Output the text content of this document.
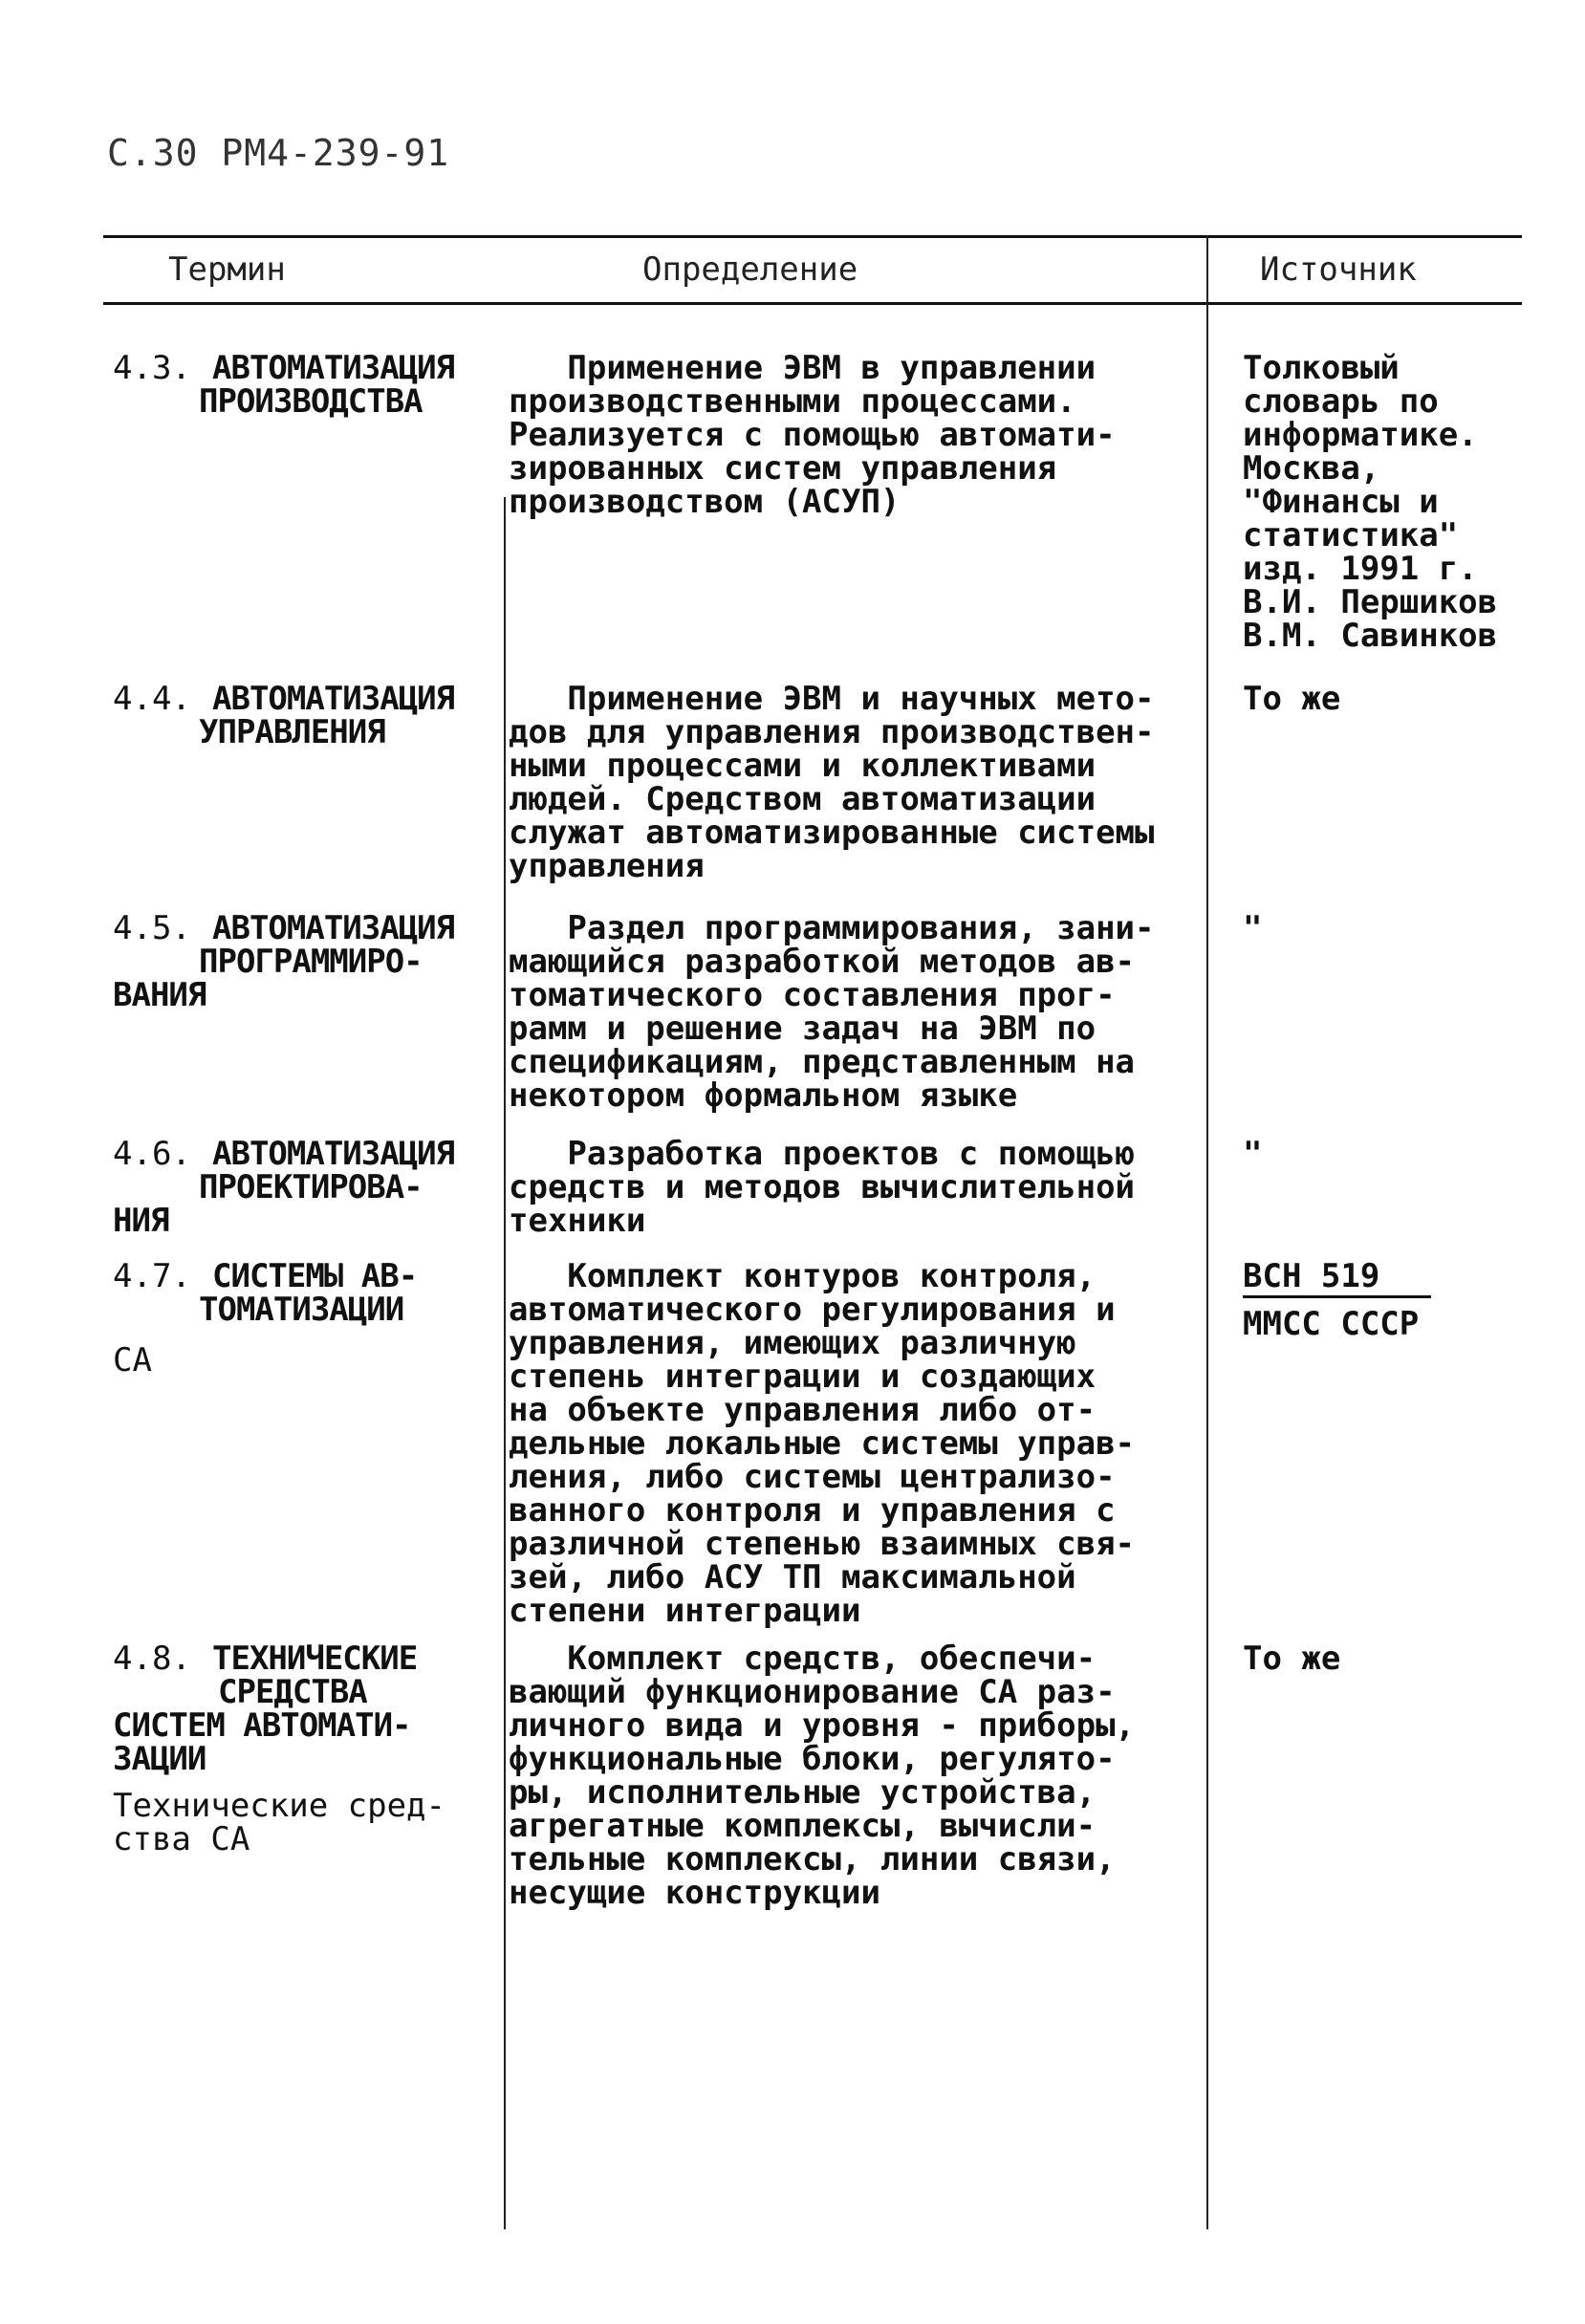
С.30 РМ4-239-91
Термин	Определение	Источник
4.3. АВТОМАТИЗАЦИЯ
ПРОИЗВОДСТВА
Применение ЭВМ в управлении
производственными процессами.
Реализуется с помощью автомати-
зированных систем управления
производством (АСУП)
Толковый
словарь по
информатике.
Москва,
"Финансы и
статистика"
изд. 1991 г.
В.И. Першиков
В.М. Савинков
4.4. АВТОМАТИЗАЦИЯ
УПРАВЛЕНИЯ
Применение ЭВМ и научных мето-
дов для управления производствен-
ными процессами и коллективами
людей. Средством автоматизации
служат автоматизированные системы
управления
То же
4.5. АВТОМАТИЗАЦИЯ
ПРОГРАММИРО-
ВАНИЯ
Раздел программирования, зани-
мающийся разработкой методов ав-
томатического составления прог-
рамм и решение задач на ЭВМ по
спецификациям, представленным на
некотором формальном языке
"
4.6. АВТОМАТИЗАЦИЯ
ПРОЕКТИРОВА-
НИЯ
Разработка проектов с помощью
средств и методов вычислительной
техники
"
4.7. СИСТЕМЫ АВ-
ТОМАТИЗАЦИИ
СА
Комплект контуров контроля,
автоматического регулирования и
управления, имеющих различную
степень интеграции и создающих
на объекте управления либо от-
дельные локальные системы управ-
ления, либо системы централизо-
ванного контроля и управления с
различной степенью взаимных свя-
зей, либо АСУ ТП максимальной
степени интеграции
ВСН 519
ММСС СССР
4.8. ТЕХНИЧЕСКИЕ
СРЕДСТВА
СИСТЕМ АВТОМАТИ-
ЗАЦИИ
Технические сред-
ства СА
Комплект средств, обеспечи-
вающий функционирование СА раз-
личного вида и уровня - приборы,
функциональные блоки, регулято-
ры, исполнительные устройства,
агрегатные комплексы, вычисли-
тельные комплексы, линии связи,
несущие конструкции
То же
